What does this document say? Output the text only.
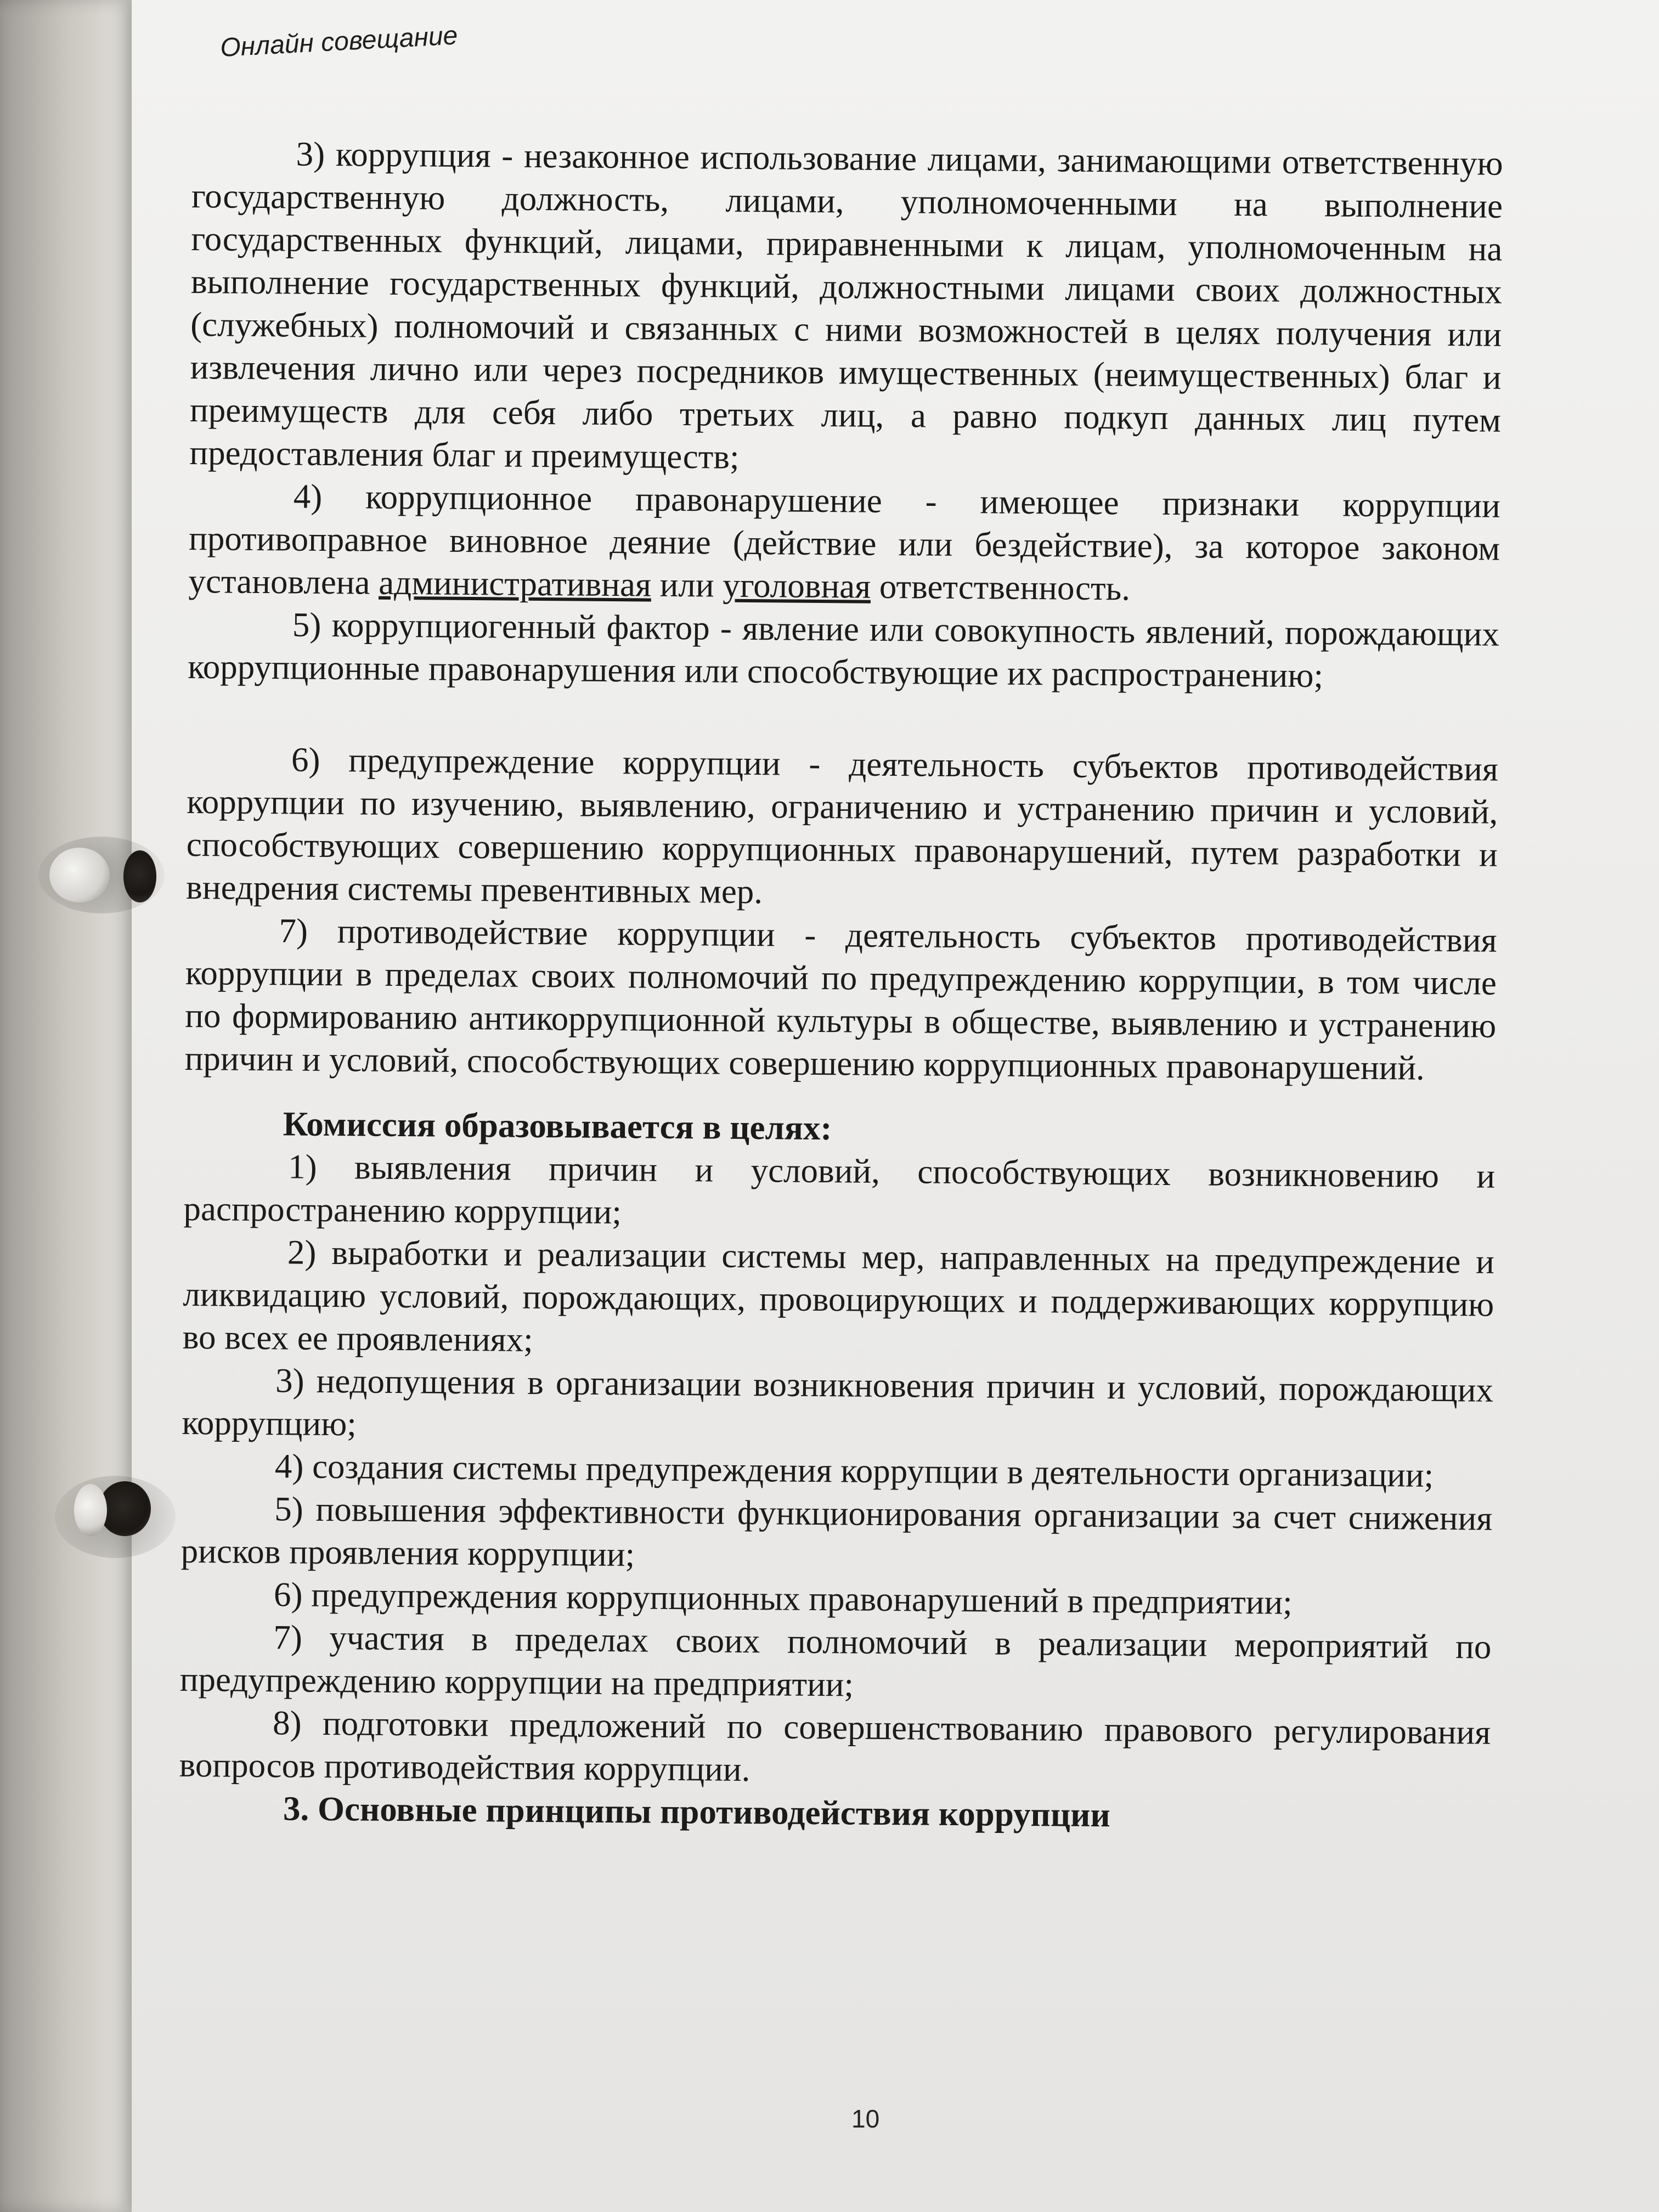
Онлайн совещание

3) коррупция - незаконное использование лицами, занимающими ответственную государственную должность, лицами, уполномоченными на выполнение государственных функций, лицами, приравненными к лицам, уполномоченным на выполнение государственных функций, должностными лицами своих должностных (служебных) полномочий и связанных с ними возможностей в целях получения или извлечения лично или через посредников имущественных (неимущественных) благ и преимуществ для себя либо третьих лиц, а равно подкуп данных лиц путем предоставления благ и преимуществ;

4) коррупционное правонарушение - имеющее признаки коррупции противоправное виновное деяние (действие или бездействие), за которое законом установлена административная или уголовная ответственность.

5) коррупциогенный фактор - явление или совокупность явлений, порождающих коррупционные правонарушения или способствующие их распространению;

6) предупреждение коррупции - деятельность субъектов противодействия коррупции по изучению, выявлению, ограничению и устранению причин и условий, способствующих совершению коррупционных правонарушений, путем разработки и внедрения системы превентивных мер.

7) противодействие коррупции - деятельность субъектов противодействия коррупции в пределах своих полномочий по предупреждению коррупции, в том числе по формированию антикоррупционной культуры в обществе, выявлению и устранению причин и условий, способствующих совершению коррупционных правонарушений.

Комиссия образовывается в целях:

1) выявления причин и условий, способствующих возникновению и распространению коррупции;

2) выработки и реализации системы мер, направленных на предупреждение и ликвидацию условий, порождающих, провоцирующих и поддерживающих коррупцию во всех ее проявлениях;

3) недопущения в организации возникновения причин и условий, порождающих коррупцию;

4) создания системы предупреждения коррупции в деятельности организации;

5) повышения эффективности функционирования организации за счет снижения рисков проявления коррупции;

6) предупреждения коррупционных правонарушений в предприятии;

7) участия в пределах своих полномочий в реализации мероприятий по предупреждению коррупции на предприятии;

8) подготовки предложений по совершенствованию правового регулирования вопросов противодействия коррупции.

3. Основные принципы противодействия коррупции

10
